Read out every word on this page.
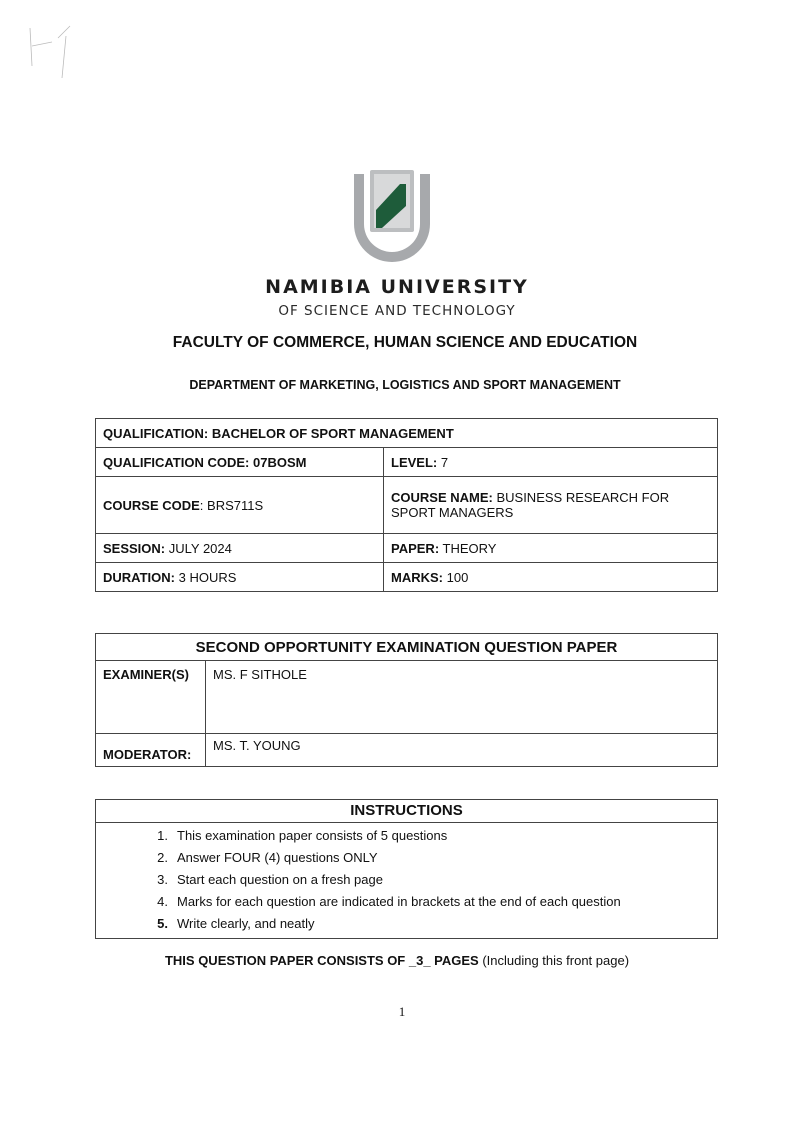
NAMIBIA UNIVERSITY
OF SCIENCE AND TECHNOLOGY
FACULTY OF COMMERCE, HUMAN SCIENCE AND EDUCATION
DEPARTMENT OF MARKETING, LOGISTICS AND SPORT MANAGEMENT
QUALIFICATION: BACHELOR OF SPORT MANAGEMENT	
QUALIFICATION CODE: 07BOSM	LEVEL: 7
COURSE CODE: BRS711S	COURSE NAME: BUSINESS RESEARCH FOR SPORT MANAGERS
SESSION: JULY 2024	PAPER: THEORY
DURATION: 3 HOURS	MARKS: 100
SECOND OPPORTUNITY EXAMINATION QUESTION PAPER	
EXAMINER(S)	MS. F SITHOLE
MODERATOR:	MS. T. YOUNG
INSTRUCTIONS
1. This examination paper consists of 5 questions
2. Answer FOUR (4) questions ONLY
3. Start each question on a fresh page
4. Marks for each question are indicated in brackets at the end of each question
5. Write clearly, and neatly
THIS QUESTION PAPER CONSISTS OF _3_ PAGES (Including this front page)
1
